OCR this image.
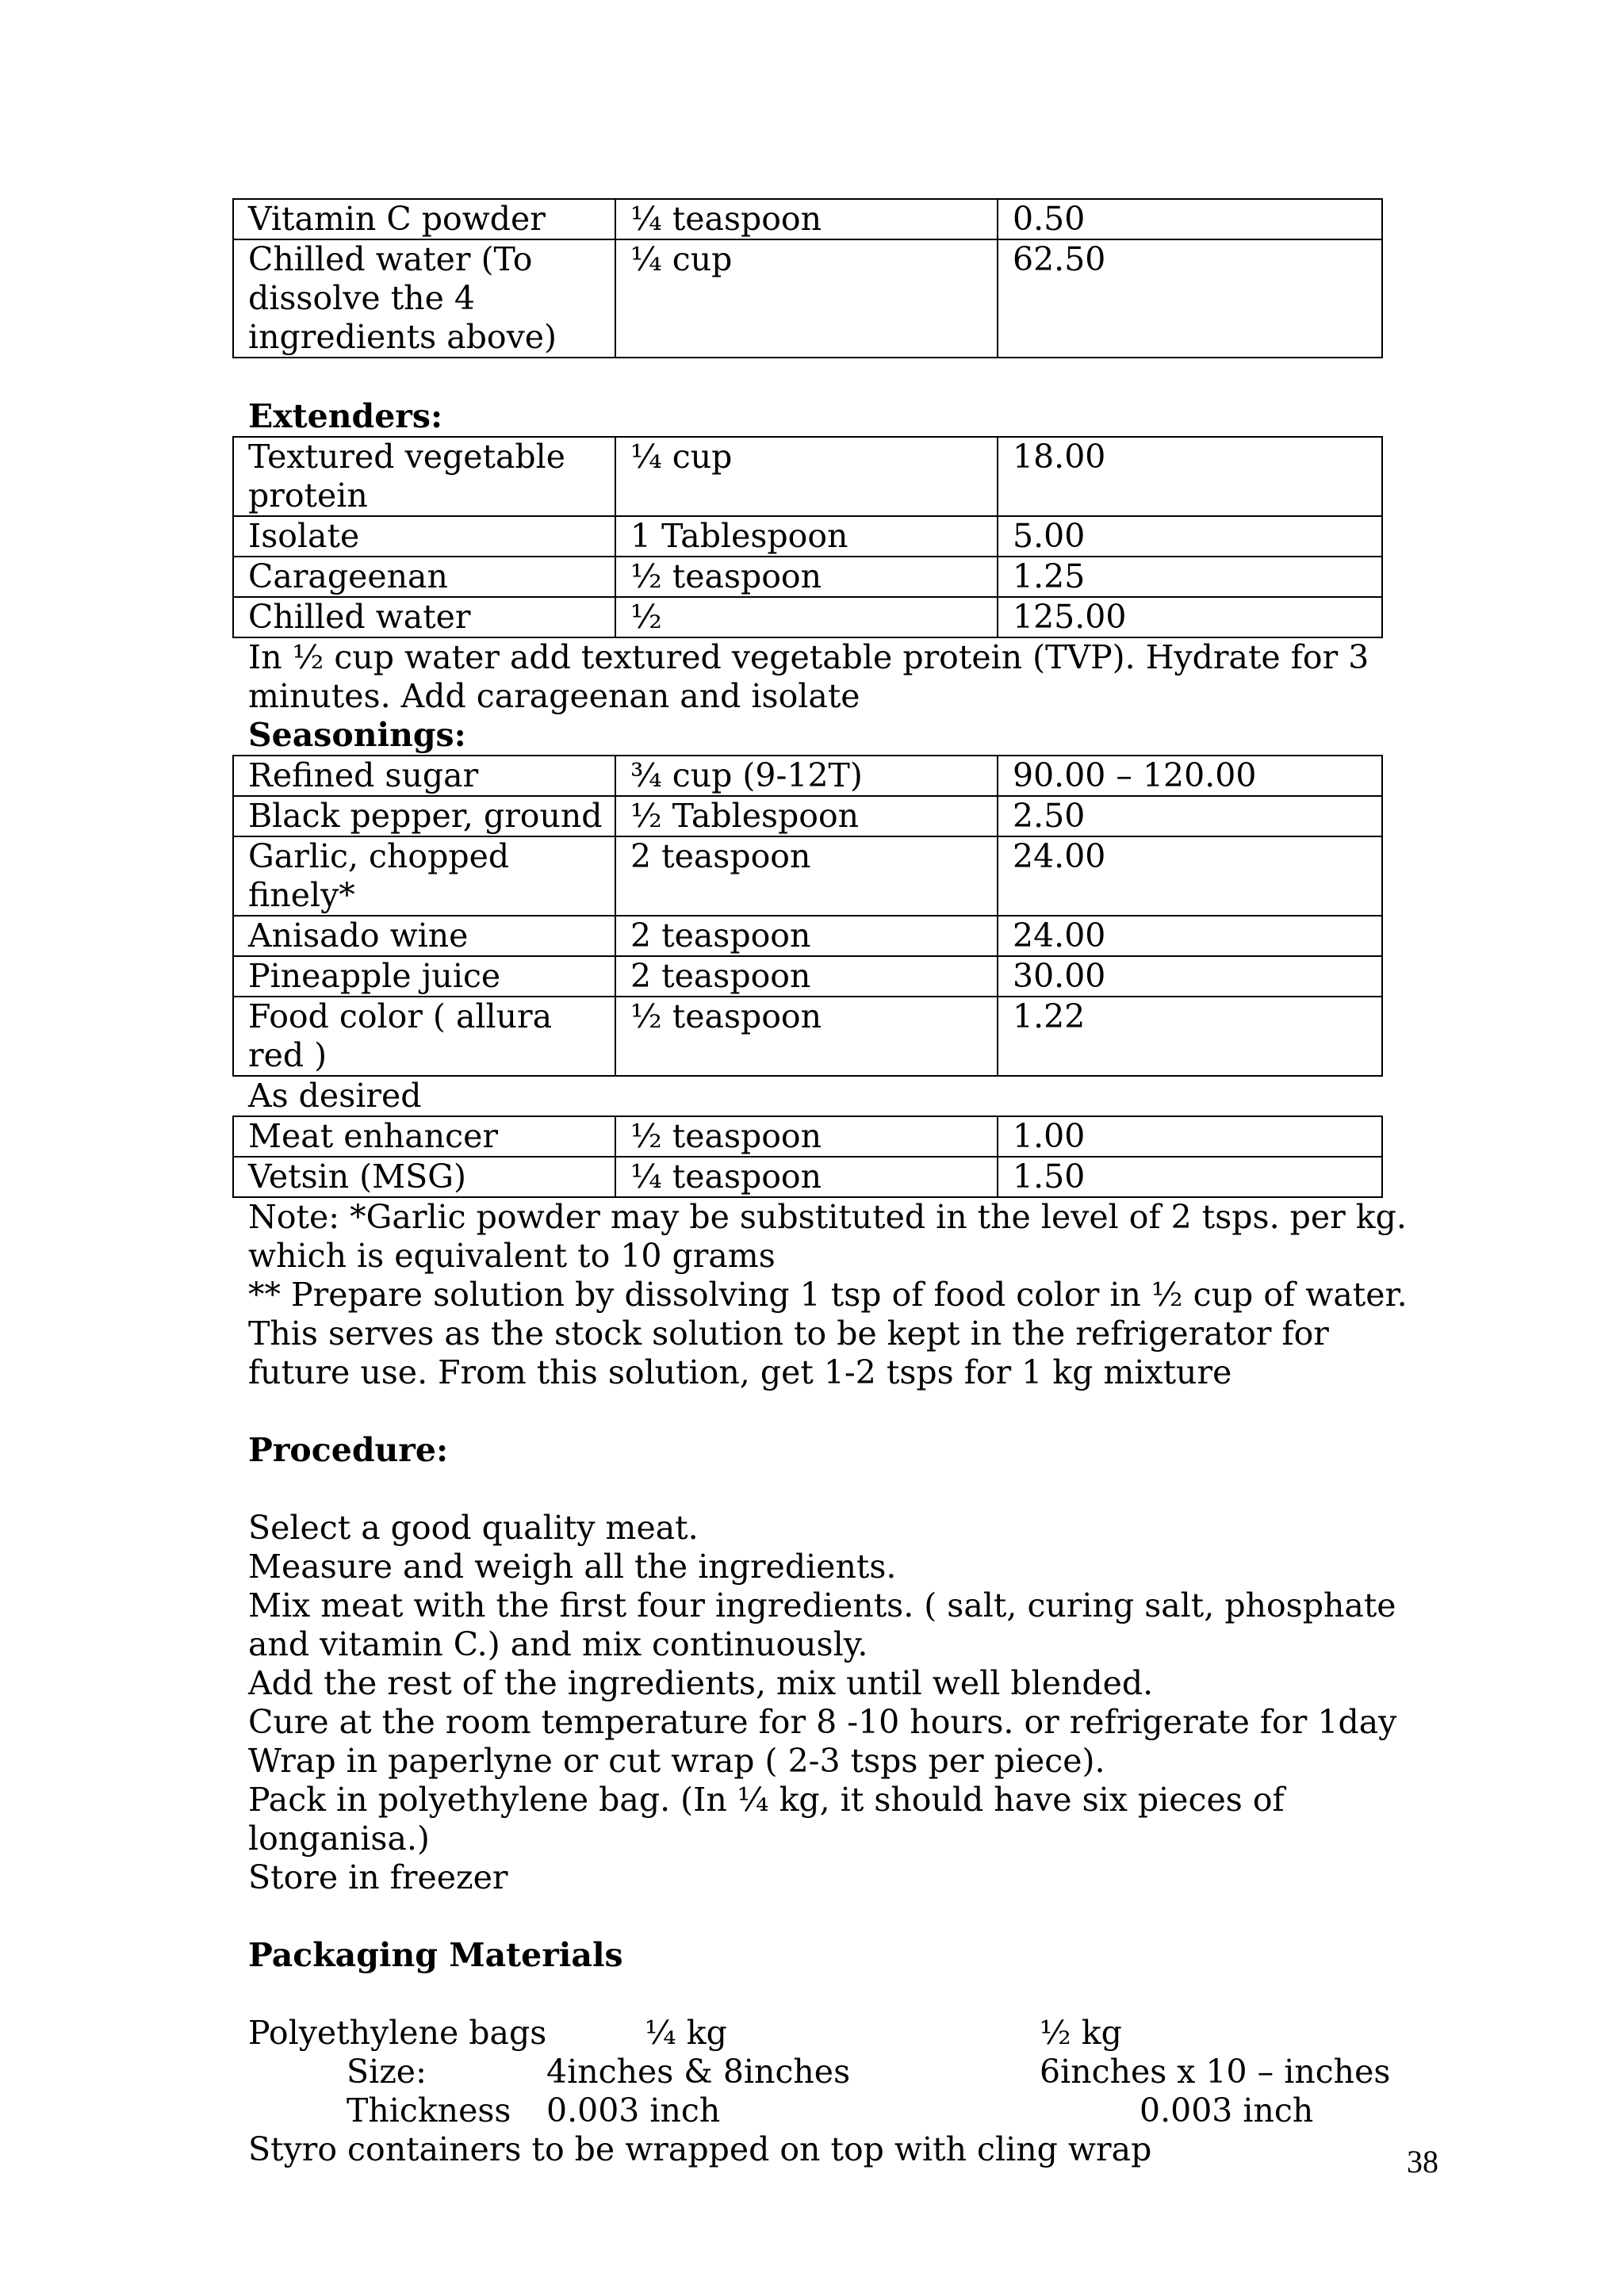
Vitamin C powder	¼ teaspoon	0.50
Chilled water (To dissolve the 4 ingredients above)	¼ cup	62.50
Extenders:
Textured vegetable protein	¼ cup	18.00
Isolate	1 Tablespoon	5.00
Carageenan	½ teaspoon	1.25
Chilled water	½	125.00
In ½ cup water add textured vegetable protein (TVP). Hydrate for 3 minutes. Add carageenan and isolate
Seasonings:
Refined sugar	¾ cup (9-12T)	90.00 – 120.00
Black pepper, ground	½ Tablespoon	2.50
Garlic, chopped finely*	2 teaspoon	24.00
Anisado wine	2 teaspoon	24.00
Pineapple juice	2 teaspoon	30.00
Food color ( allura red )	½ teaspoon	1.22
As desired
Meat enhancer	½ teaspoon	1.00
Vetsin (MSG)	¼ teaspoon	1.50
Note: *Garlic powder may be substituted in the level of 2 tsps. per kg. which is equivalent to 10 grams
** Prepare solution by dissolving 1 tsp of food color in ½ cup of water. This serves as the stock solution to be kept in the refrigerator for future use. From this solution, get 1-2 tsps for 1 kg mixture
Procedure:
Select a good quality meat.
Measure and weigh all the ingredients.
Mix meat with the first four ingredients. ( salt, curing salt, phosphate and vitamin C.) and mix continuously.
Add the rest of the ingredients, mix until well blended.
Cure at the room temperature for 8 -10 hours. or refrigerate for 1day
Wrap in paperlyne or cut wrap ( 2-3 tsps per piece).
Pack in polyethylene bag. (In ¼ kg, it should have six pieces of longanisa.)
Store in freezer
Packaging Materials
Polyethylene bags	¼ kg	½ kg
Size:	4inches & 8inches	6inches x 10 – inches
Thickness 0.003 inch	0.003 inch
Styro containers to be wrapped on top with cling wrap	38
